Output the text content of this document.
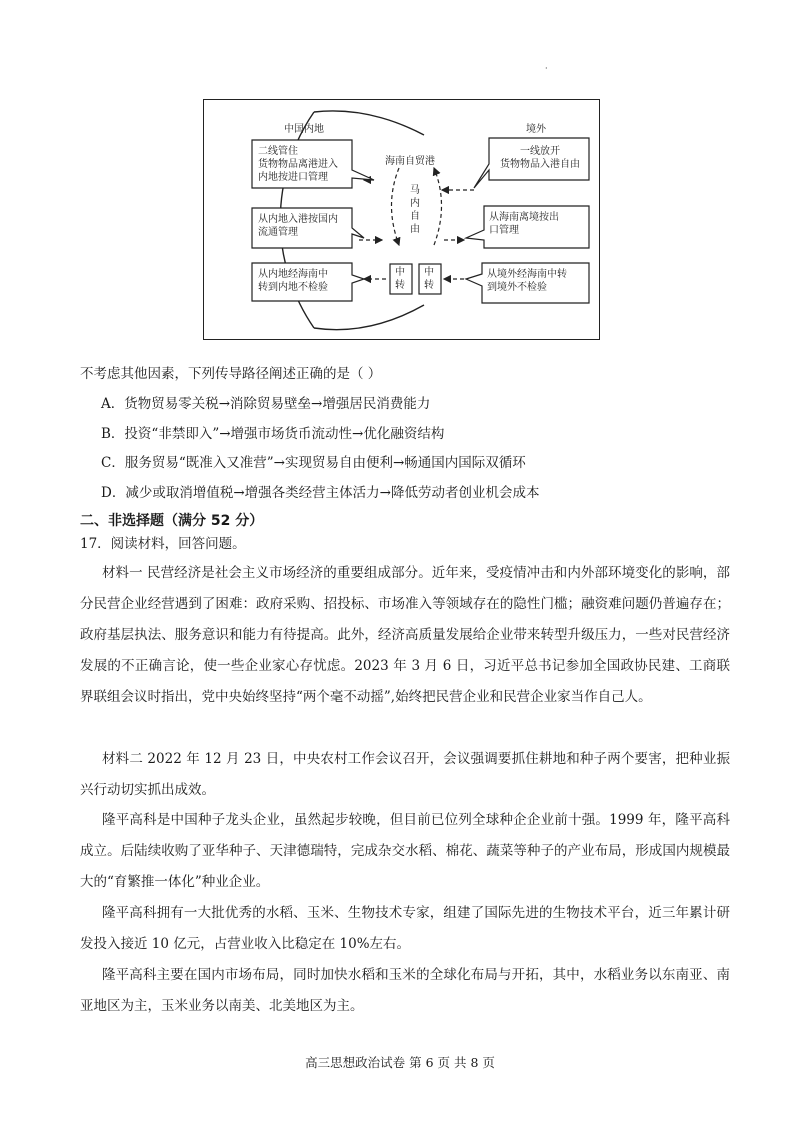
·
中国内地	境外
海南自贸港
马内自由
二线管住
货物物品离港进入
内地按进口管理
从内地入港按国内
流通管理
从内地经海南中
转到内地不检验
一线放开
货物物品入港自由
从海南离境按出
口管理
从境外经海南中转
到境外不检验
中转
中转
不考虑其他因素，下列传导路径阐述正确的是（ ）
A．货物贸易零关税→消除贸易壁垒→增强居民消费能力
B．投资“非禁即入”→增强市场货币流动性→优化融资结构
C．服务贸易“既准入又准营”→实现贸易自由便利→畅通国内国际双循环
D．减少或取消增值税→增强各类经营主体活力→降低劳动者创业机会成本
二、非选择题（满分 52 分）
17．阅读材料，回答问题。
材料一 民营经济是社会主义市场经济的重要组成部分。近年来，受疫情冲击和内外部环境变化的影响，部分民营企业经营遇到了困难：政府采购、招投标、市场准入等领域存在的隐性门槛；融资难问题仍普遍存在；政府基层执法、服务意识和能力有待提高。此外，经济高质量发展给企业带来转型升级压力，一些对民营经济发展的不正确言论，使一些企业家心存忧虑。2023 年 3 月 6 日，习近平总书记参加全国政协民建、工商联界联组会议时指出，党中央始终坚持“两个毫不动摇”,始终把民营企业和民营企业家当作自己人。
材料二 2022 年 12 月 23 日，中央农村工作会议召开，会议强调要抓住耕地和种子两个要害，把种业振兴行动切实抓出成效。
隆平高科是中国种子龙头企业，虽然起步较晚，但目前已位列全球种企企业前十强。1999 年，隆平高科成立。后陆续收购了亚华种子、天津德瑞特，完成杂交水稻、棉花、蔬菜等种子的产业布局，形成国内规模最大的“育繁推一体化”种业企业。
隆平高科拥有一大批优秀的水稻、玉米、生物技术专家，组建了国际先进的生物技术平台，近三年累计研发投入接近 10 亿元，占营业收入比稳定在 10%左右。
隆平高科主要在国内市场布局，同时加快水稻和玉米的全球化布局与开拓，其中，水稻业务以东南亚、南亚地区为主，玉米业务以南美、北美地区为主。
高三思想政治试卷 第 6 页 共 8 页
